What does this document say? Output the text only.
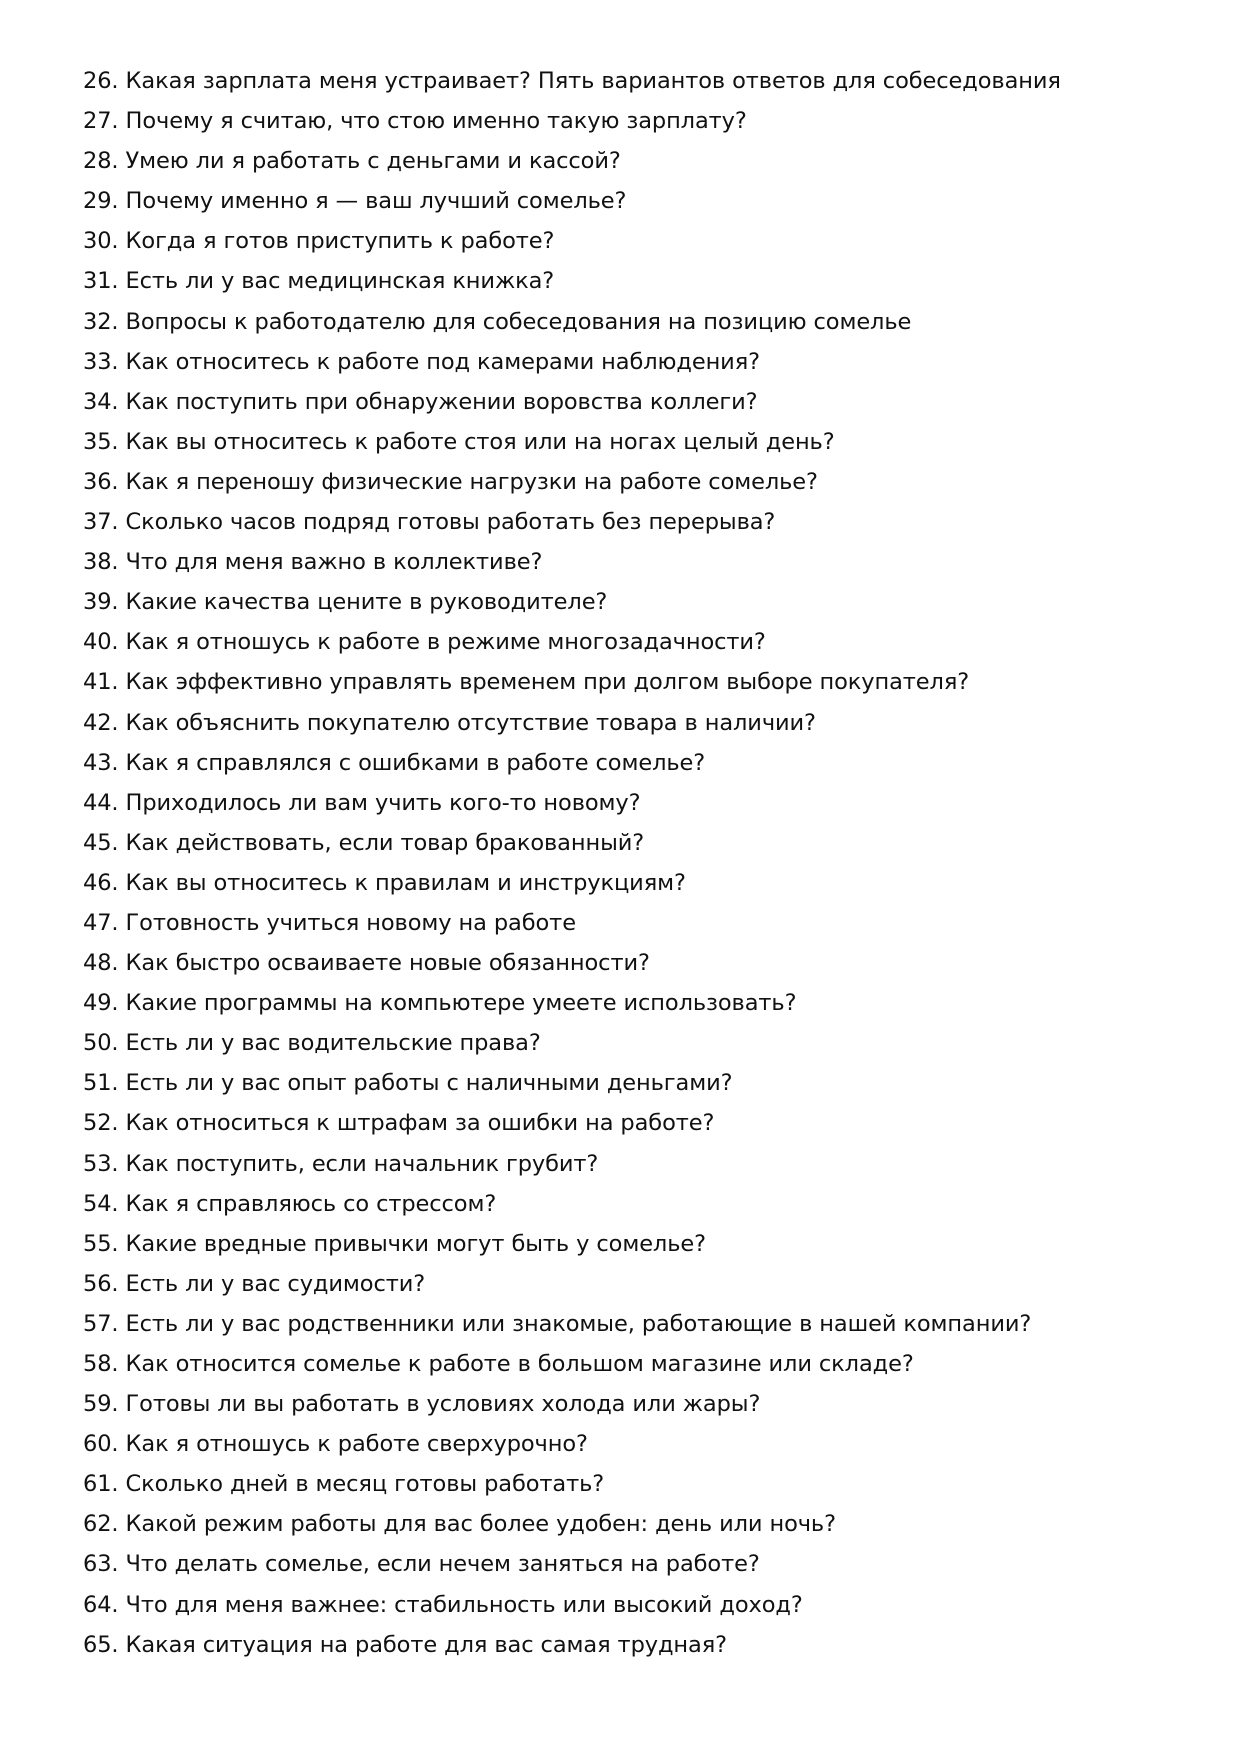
26. Какая зарплата меня устраивает? Пять вариантов ответов для собеседования
27. Почему я считаю, что стою именно такую зарплату?
28. Умею ли я работать с деньгами и кассой?
29. Почему именно я — ваш лучший сомелье?
30. Когда я готов приступить к работе?
31. Есть ли у вас медицинская книжка?
32. Вопросы к работодателю для собеседования на позицию сомелье
33. Как относитесь к работе под камерами наблюдения?
34. Как поступить при обнаружении воровства коллеги?
35. Как вы относитесь к работе стоя или на ногах целый день?
36. Как я переношу физические нагрузки на работе сомелье?
37. Сколько часов подряд готовы работать без перерыва?
38. Что для меня важно в коллективе?
39. Какие качества цените в руководителе?
40. Как я отношусь к работе в режиме многозадачности?
41. Как эффективно управлять временем при долгом выборе покупателя?
42. Как объяснить покупателю отсутствие товара в наличии?
43. Как я справлялся с ошибками в работе сомелье?
44. Приходилось ли вам учить кого-то новому?
45. Как действовать, если товар бракованный?
46. Как вы относитесь к правилам и инструкциям?
47. Готовность учиться новому на работе
48. Как быстро осваиваете новые обязанности?
49. Какие программы на компьютере умеете использовать?
50. Есть ли у вас водительские права?
51. Есть ли у вас опыт работы с наличными деньгами?
52. Как относиться к штрафам за ошибки на работе?
53. Как поступить, если начальник грубит?
54. Как я справляюсь со стрессом?
55. Какие вредные привычки могут быть у сомелье?
56. Есть ли у вас судимости?
57. Есть ли у вас родственники или знакомые, работающие в нашей компании?
58. Как относится сомелье к работе в большом магазине или складе?
59. Готовы ли вы работать в условиях холода или жары?
60. Как я отношусь к работе сверхурочно?
61. Сколько дней в месяц готовы работать?
62. Какой режим работы для вас более удобен: день или ночь?
63. Что делать сомелье, если нечем заняться на работе?
64. Что для меня важнее: стабильность или высокий доход?
65. Какая ситуация на работе для вас самая трудная?
